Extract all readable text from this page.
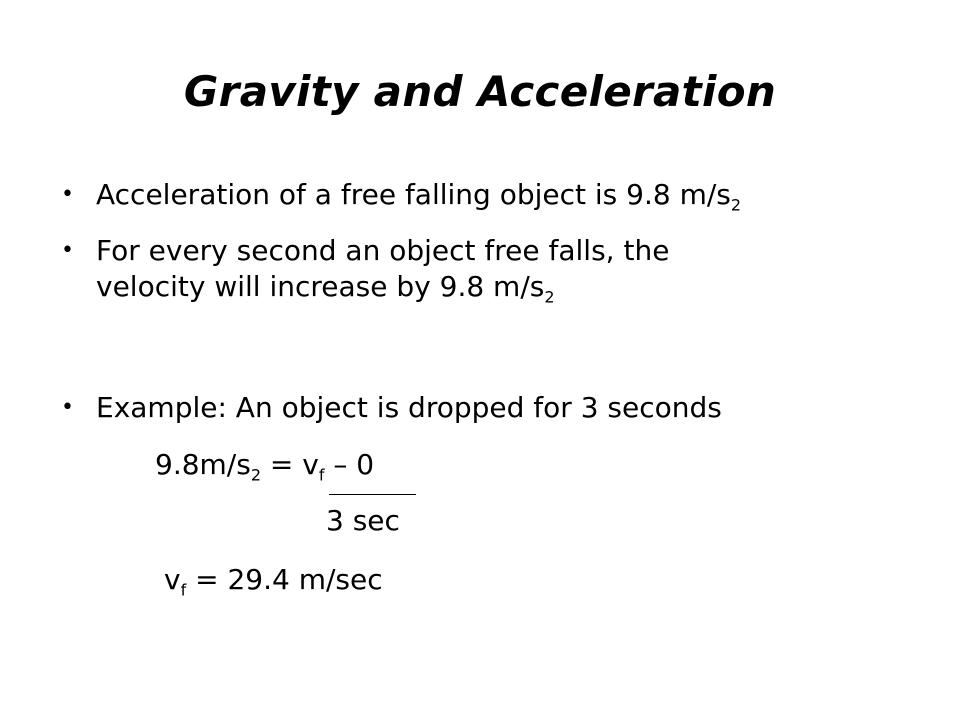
Gravity and Acceleration
• Acceleration of a free falling object is 9.8 $m/s_2$
• For every second an object free falls, the
velocity will increase by 9.8 $m/s_2$
• Example: An object is dropped for 3 seconds
$9.8m/s_2 = v_f - 0$
3 sec
$v_f = 29.4$ m/sec
